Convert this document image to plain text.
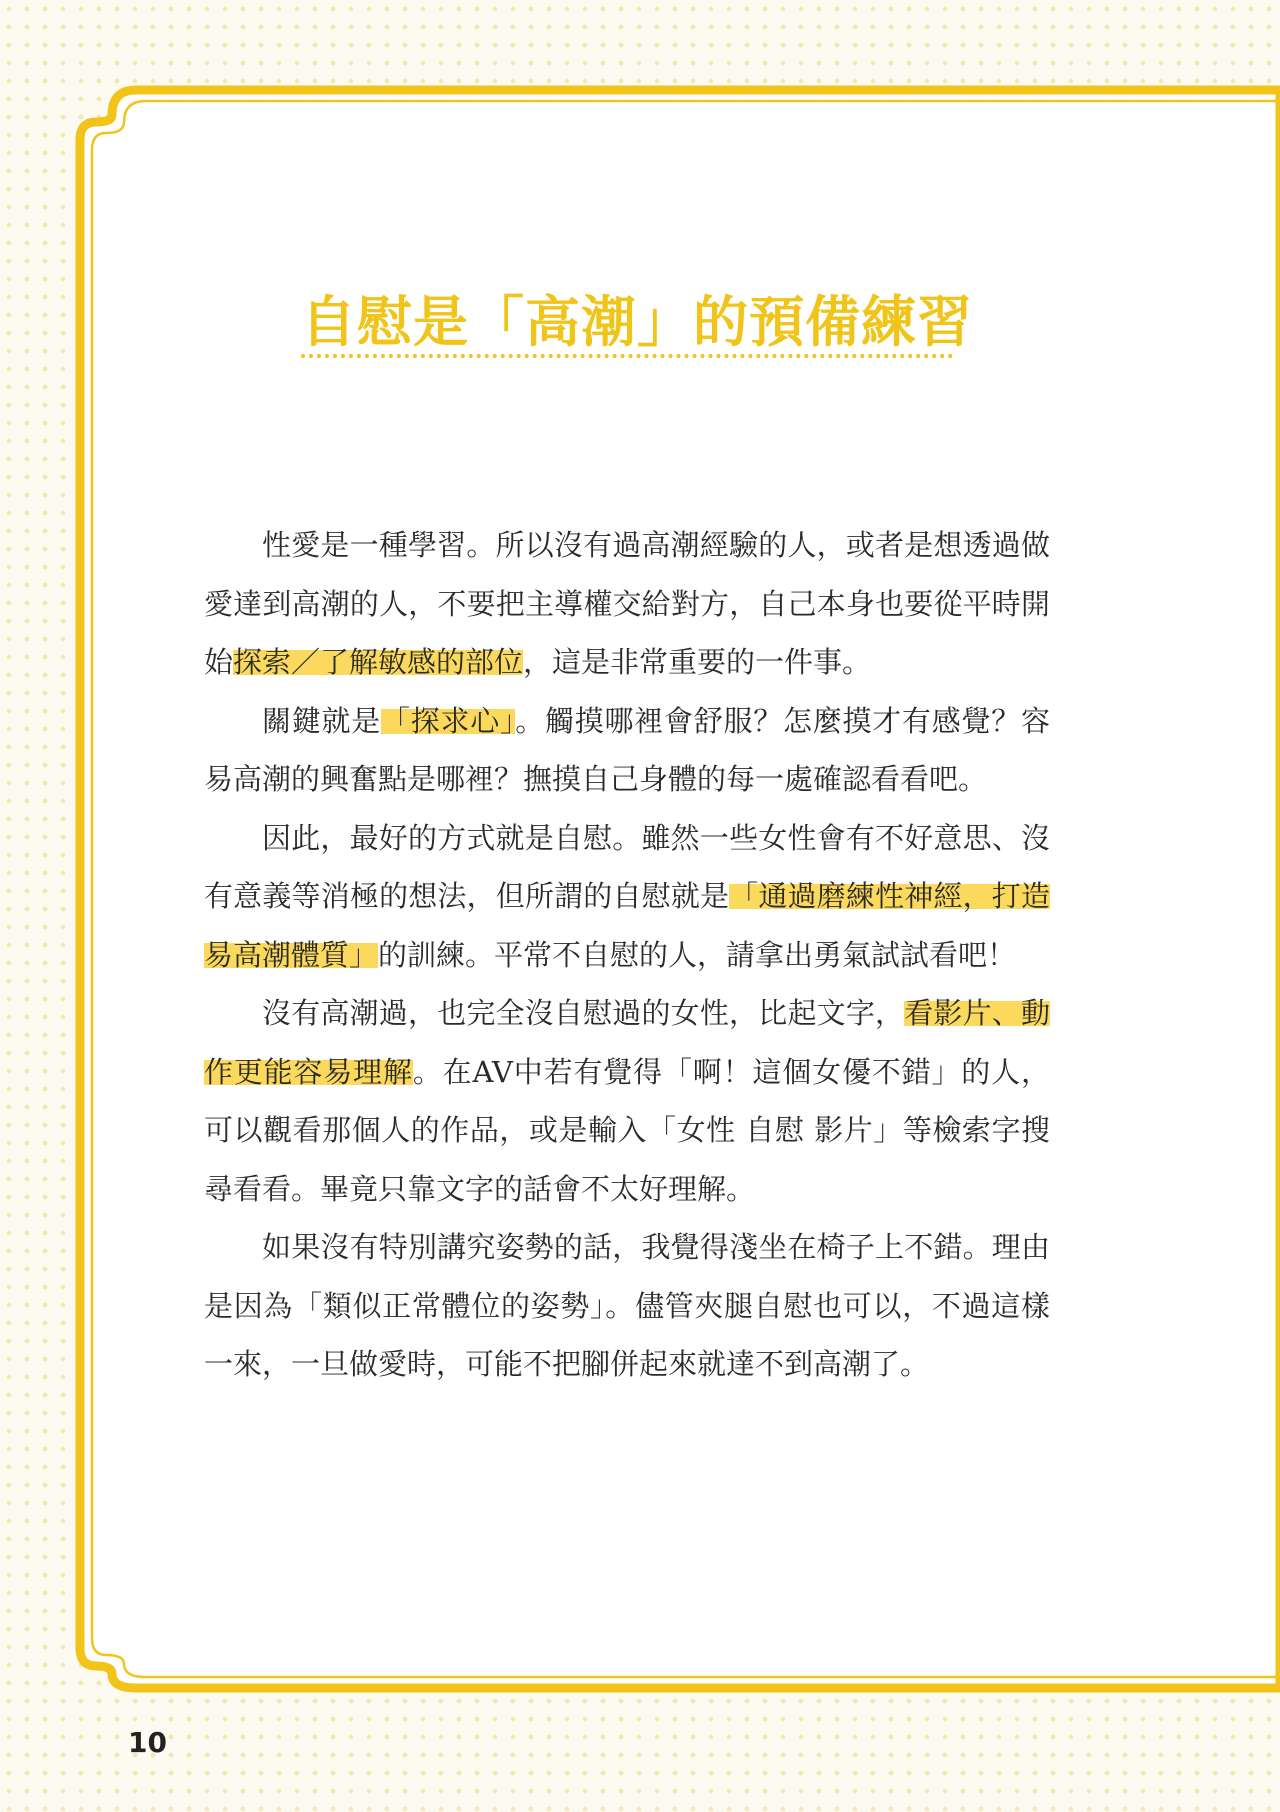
自慰是「高潮」的預備練習

性愛是一種學習。所以沒有過高潮經驗的人，或者是想透過做愛達到高潮的人，不要把主導權交給對方，自己本身也要從平時開始探索／了解敏感的部位，這是非常重要的一件事。

關鍵就是「探求心」。觸摸哪裡會舒服？怎麼摸才有感覺？容易高潮的興奮點是哪裡？撫摸自己身體的每一處確認看看吧。

因此，最好的方式就是自慰。雖然一些女性會有不好意思、沒有意義等消極的想法，但所謂的自慰就是「通過磨練性神經，打造易高潮體質」的訓練。平常不自慰的人，請拿出勇氣試試看吧！

沒有高潮過，也完全沒自慰過的女性，比起文字，看影片、動作更能容易理解。在AV中若有覺得「啊！這個女優不錯」的人，可以觀看那個人的作品，或是輸入「女性 自慰 影片」等檢索字搜尋看看。畢竟只靠文字的話會不太好理解。

如果沒有特別講究姿勢的話，我覺得淺坐在椅子上不錯。理由是因為「類似正常體位的姿勢」。儘管夾腿自慰也可以，不過這樣一來，一旦做愛時，可能不把腳併起來就達不到高潮了。

10
